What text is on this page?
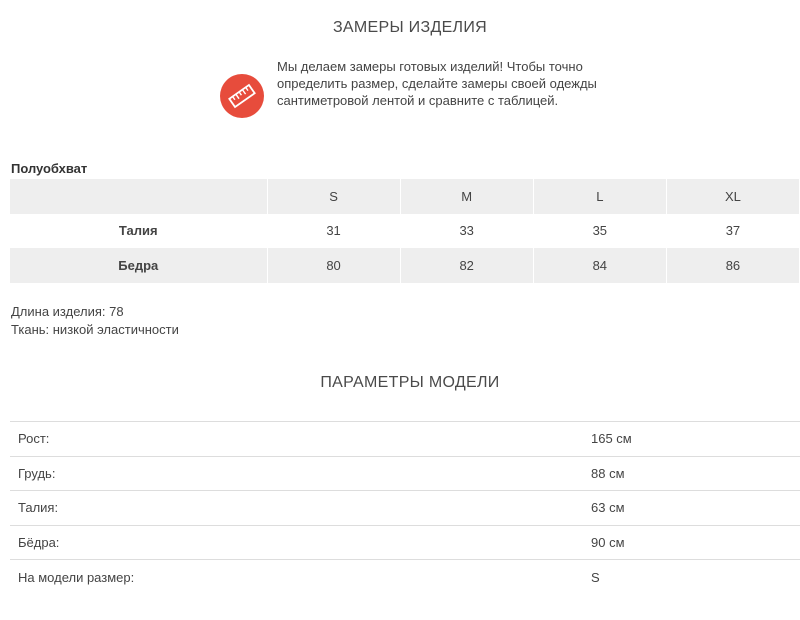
ЗАМЕРЫ ИЗДЕЛИЯ
Мы делаем замеры готовых изделий! Чтобы точно определить размер, сделайте замеры своей одежды сантиметровой лентой и сравните с таблицей.
Полуобхват
	S	M	L	XL
Талия	31	33	35	37
Бедра	80	82	84	86
Длина изделия: 78
Ткань: низкой эластичности
ПАРАМЕТРЫ МОДЕЛИ
Рост:	165 см
Грудь:	88 см
Талия:	63 см
Бёдра:	90 см
На модели размер:	S
